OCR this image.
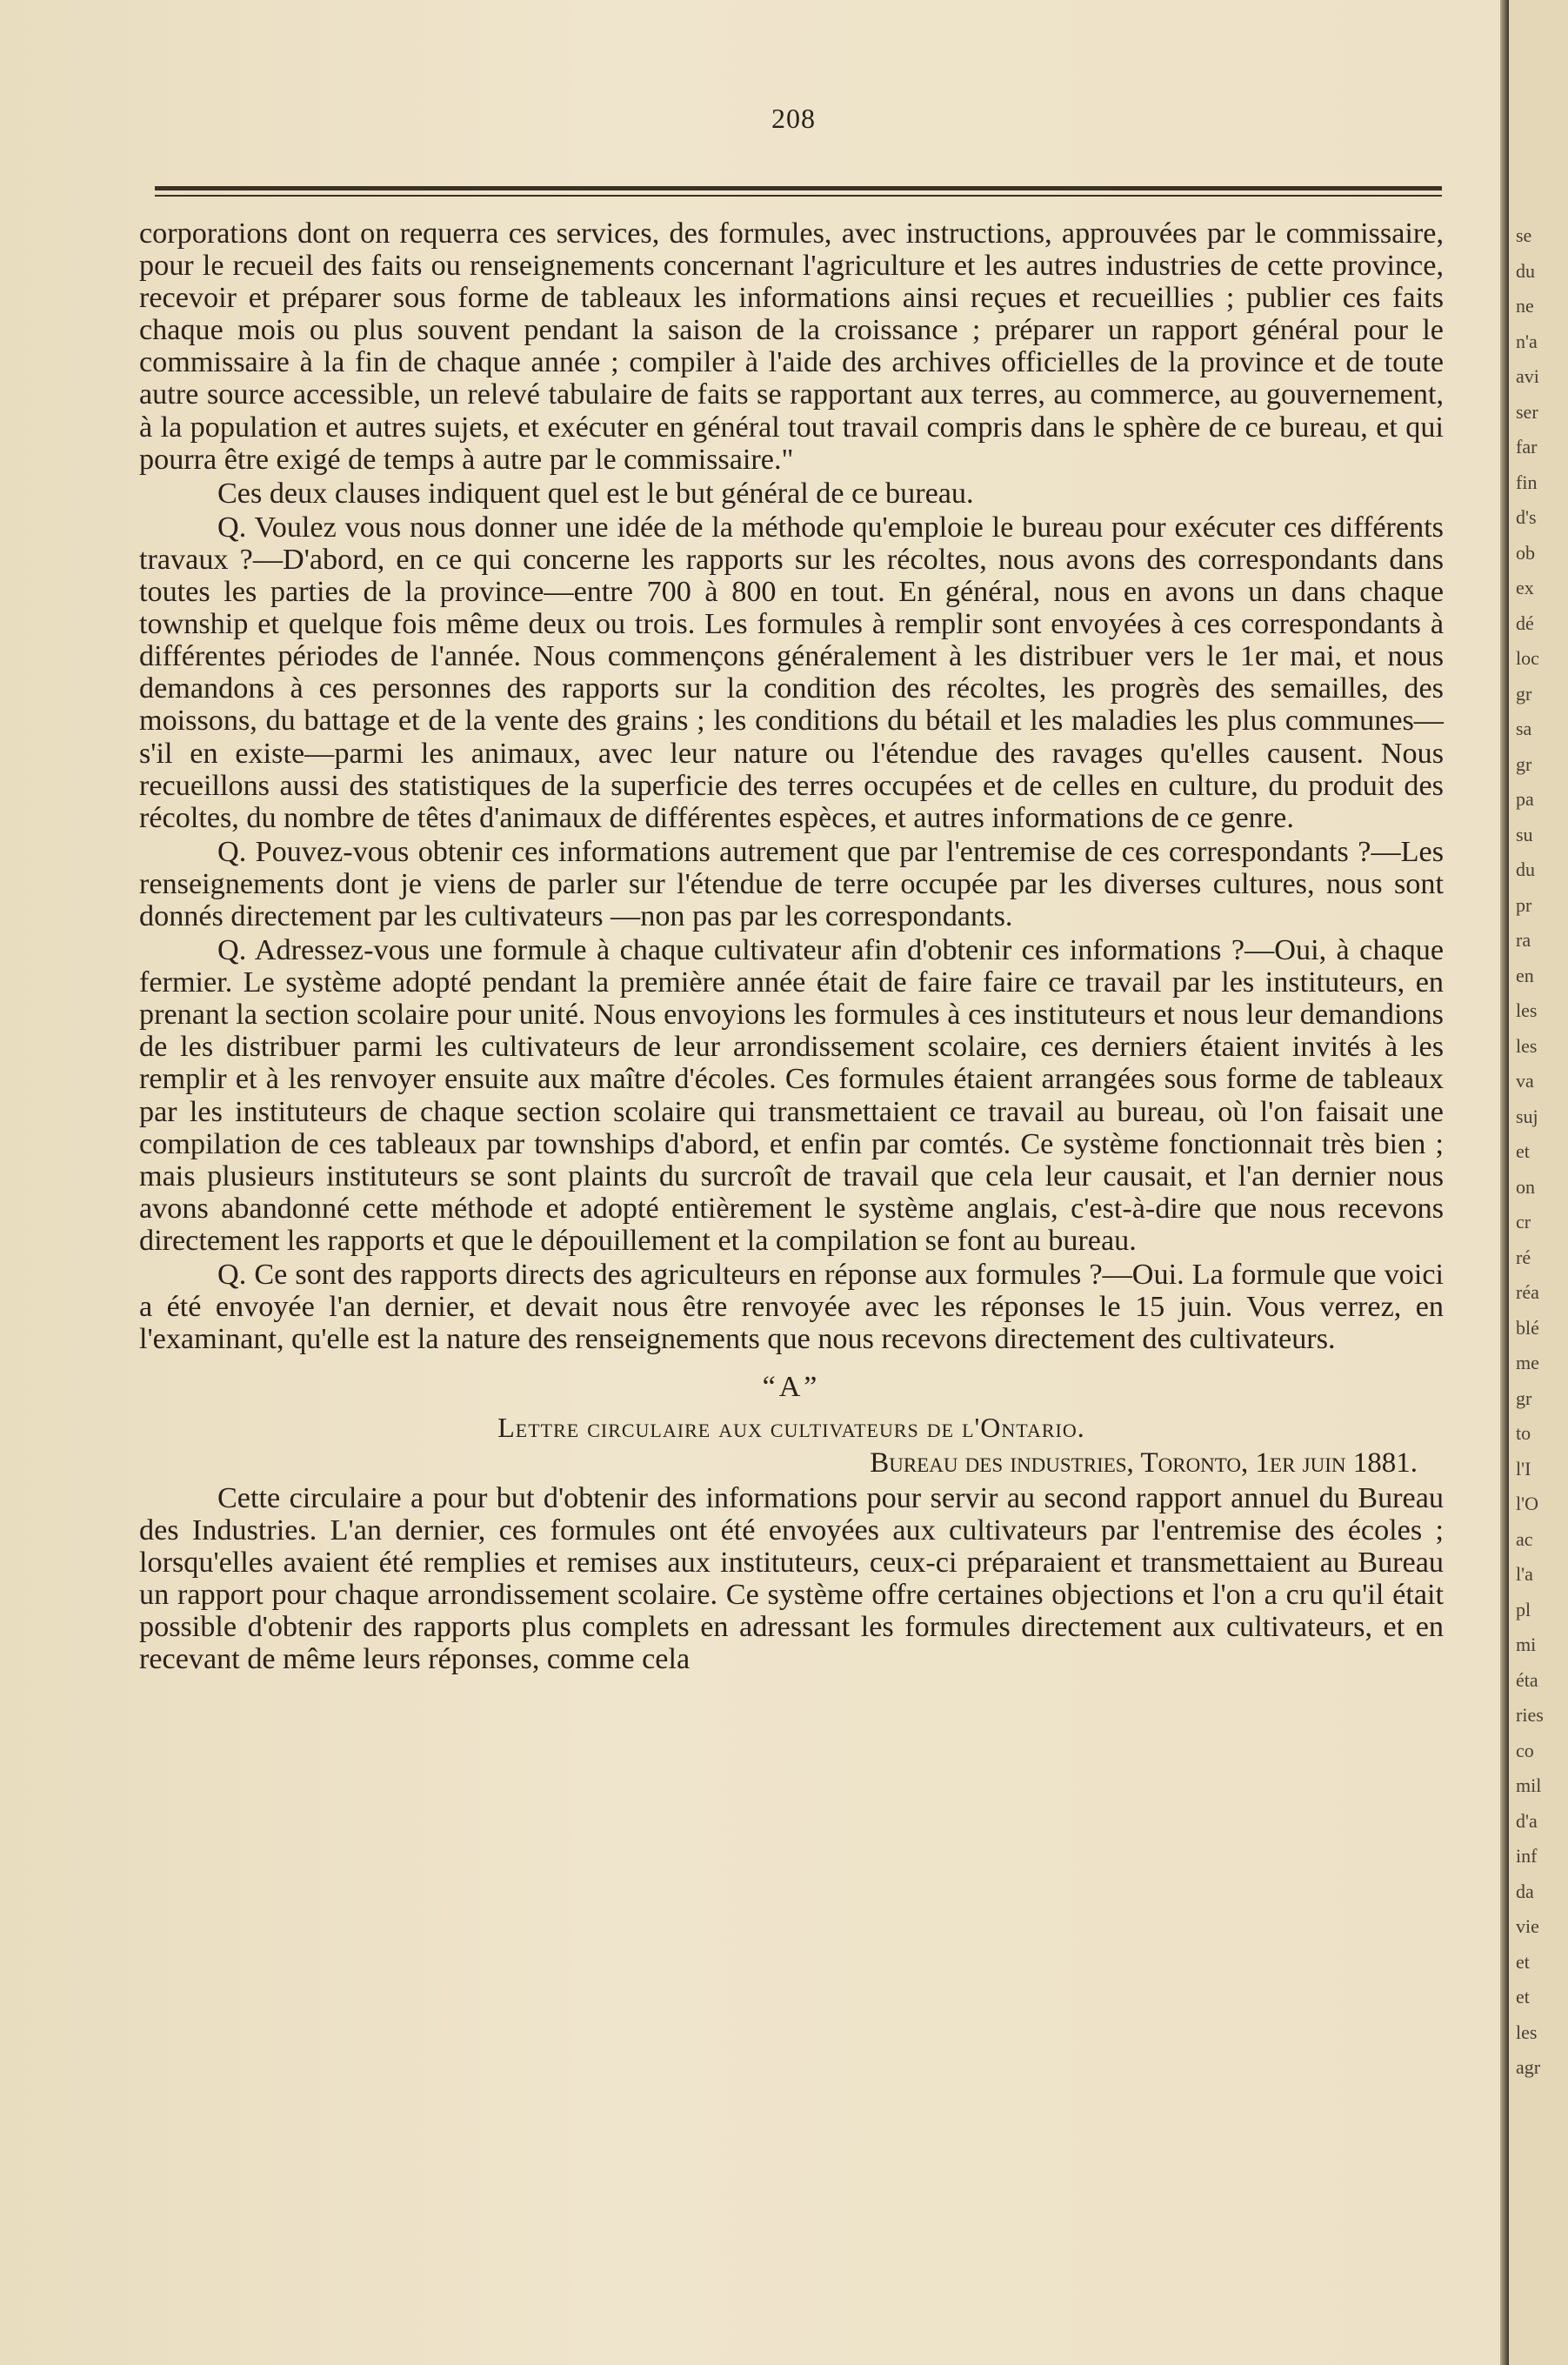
208

corporations dont on requerra ces services, des formules, avec instructions, approuvées par le commissaire, pour le recueil des faits ou renseignements concernant l'agriculture et les autres industries de cette province, recevoir et préparer sous forme de tableaux les informations ainsi reçues et recueillies ; publier ces faits chaque mois ou plus souvent pendant la saison de la croissance ; préparer un rapport général pour le commissaire à la fin de chaque année ; compiler à l'aide des archives officielles de la province et de toute autre source accessible, un relevé tabulaire de faits se rapportant aux terres, au commerce, au gouvernement, à la population et autres sujets, et exécuter en général tout travail compris dans le sphère de ce bureau, et qui pourra être exigé de temps à autre par le commissaire."

Ces deux clauses indiquent quel est le but général de ce bureau.

Q. Voulez vous nous donner une idée de la méthode qu'emploie le bureau pour exécuter ces différents travaux ?—D'abord, en ce qui concerne les rapports sur les récoltes, nous avons des correspondants dans toutes les parties de la province—entre 700 à 800 en tout. En général, nous en avons un dans chaque township et quelque fois même deux ou trois. Les formules à remplir sont envoyées à ces correspondants à différentes périodes de l'année. Nous commençons généralement à les distribuer vers le 1er mai, et nous demandons à ces personnes des rapports sur la condition des récoltes, les progrès des semailles, des moissons, du battage et de la vente des grains ; les conditions du bétail et les maladies les plus communes—s'il en existe—parmi les animaux, avec leur nature ou l'étendue des ravages qu'elles causent. Nous recueillons aussi des statistiques de la superficie des terres occupées et de celles en culture, du produit des récoltes, du nombre de têtes d'animaux de différentes espèces, et autres informations de ce genre.

Q. Pouvez-vous obtenir ces informations autrement que par l'entremise de ces correspondants ?—Les renseignements dont je viens de parler sur l'étendue de terre occupée par les diverses cultures, nous sont donnés directement par les cultivateurs —non pas par les correspondants.

Q. Adressez-vous une formule à chaque cultivateur afin d'obtenir ces informations ?—Oui, à chaque fermier. Le système adopté pendant la première année était de faire faire ce travail par les instituteurs, en prenant la section scolaire pour unité. Nous envoyions les formules à ces instituteurs et nous leur demandions de les distribuer parmi les cultivateurs de leur arrondissement scolaire, ces derniers étaient invités à les remplir et à les renvoyer ensuite aux maître d'écoles. Ces formules étaient arrangées sous forme de tableaux par les instituteurs de chaque section scolaire qui transmettaient ce travail au bureau, où l'on faisait une compilation de ces tableaux par townships d'abord, et enfin par comtés. Ce système fonctionnait très bien ; mais plusieurs instituteurs se sont plaints du surcroît de travail que cela leur causait, et l'an dernier nous avons abandonné cette méthode et adopté entièrement le système anglais, c'est-à-dire que nous recevons directement les rapports et que le dépouillement et la compilation se font au bureau.

Q. Ce sont des rapports directs des agriculteurs en réponse aux formules ?—Oui. La formule que voici a été envoyée l'an dernier, et devait nous être renvoyée avec les réponses le 15 juin. Vous verrez, en l'examinant, qu'elle est la nature des renseignements que nous recevons directement des cultivateurs.

“A”
Lettre circulaire aux cultivateurs de l'Ontario.
Bureau des industries, Toronto, 1er juin 1881.

Cette circulaire a pour but d'obtenir des informations pour servir au second rapport annuel du Bureau des Industries. L'an dernier, ces formules ont été envoyées aux cultivateurs par l'entremise des écoles ; lorsqu'elles avaient été remplies et remises aux instituteurs, ceux-ci préparaient et transmettaient au Bureau un rapport pour chaque arrondissement scolaire. Ce système offre certaines objections et l'on a cru qu'il était possible d'obtenir des rapports plus complets en adressant les formules directement aux cultivateurs, et en recevant de même leurs réponses, comme cela

se
du
ne
n'a
avi
ser
far
fin
d's
ob
ex
dé
loc
gr
sa
gr
pa
su
du
pr
ra
en
les
les
va
suj
et
on
cr
ré
réa
blé
me
gr
to
l'I
l'O
ac
l'a
pl
mi
éta
ries
co
mil
d'a
inf
da
vie
et
et
les
agr
